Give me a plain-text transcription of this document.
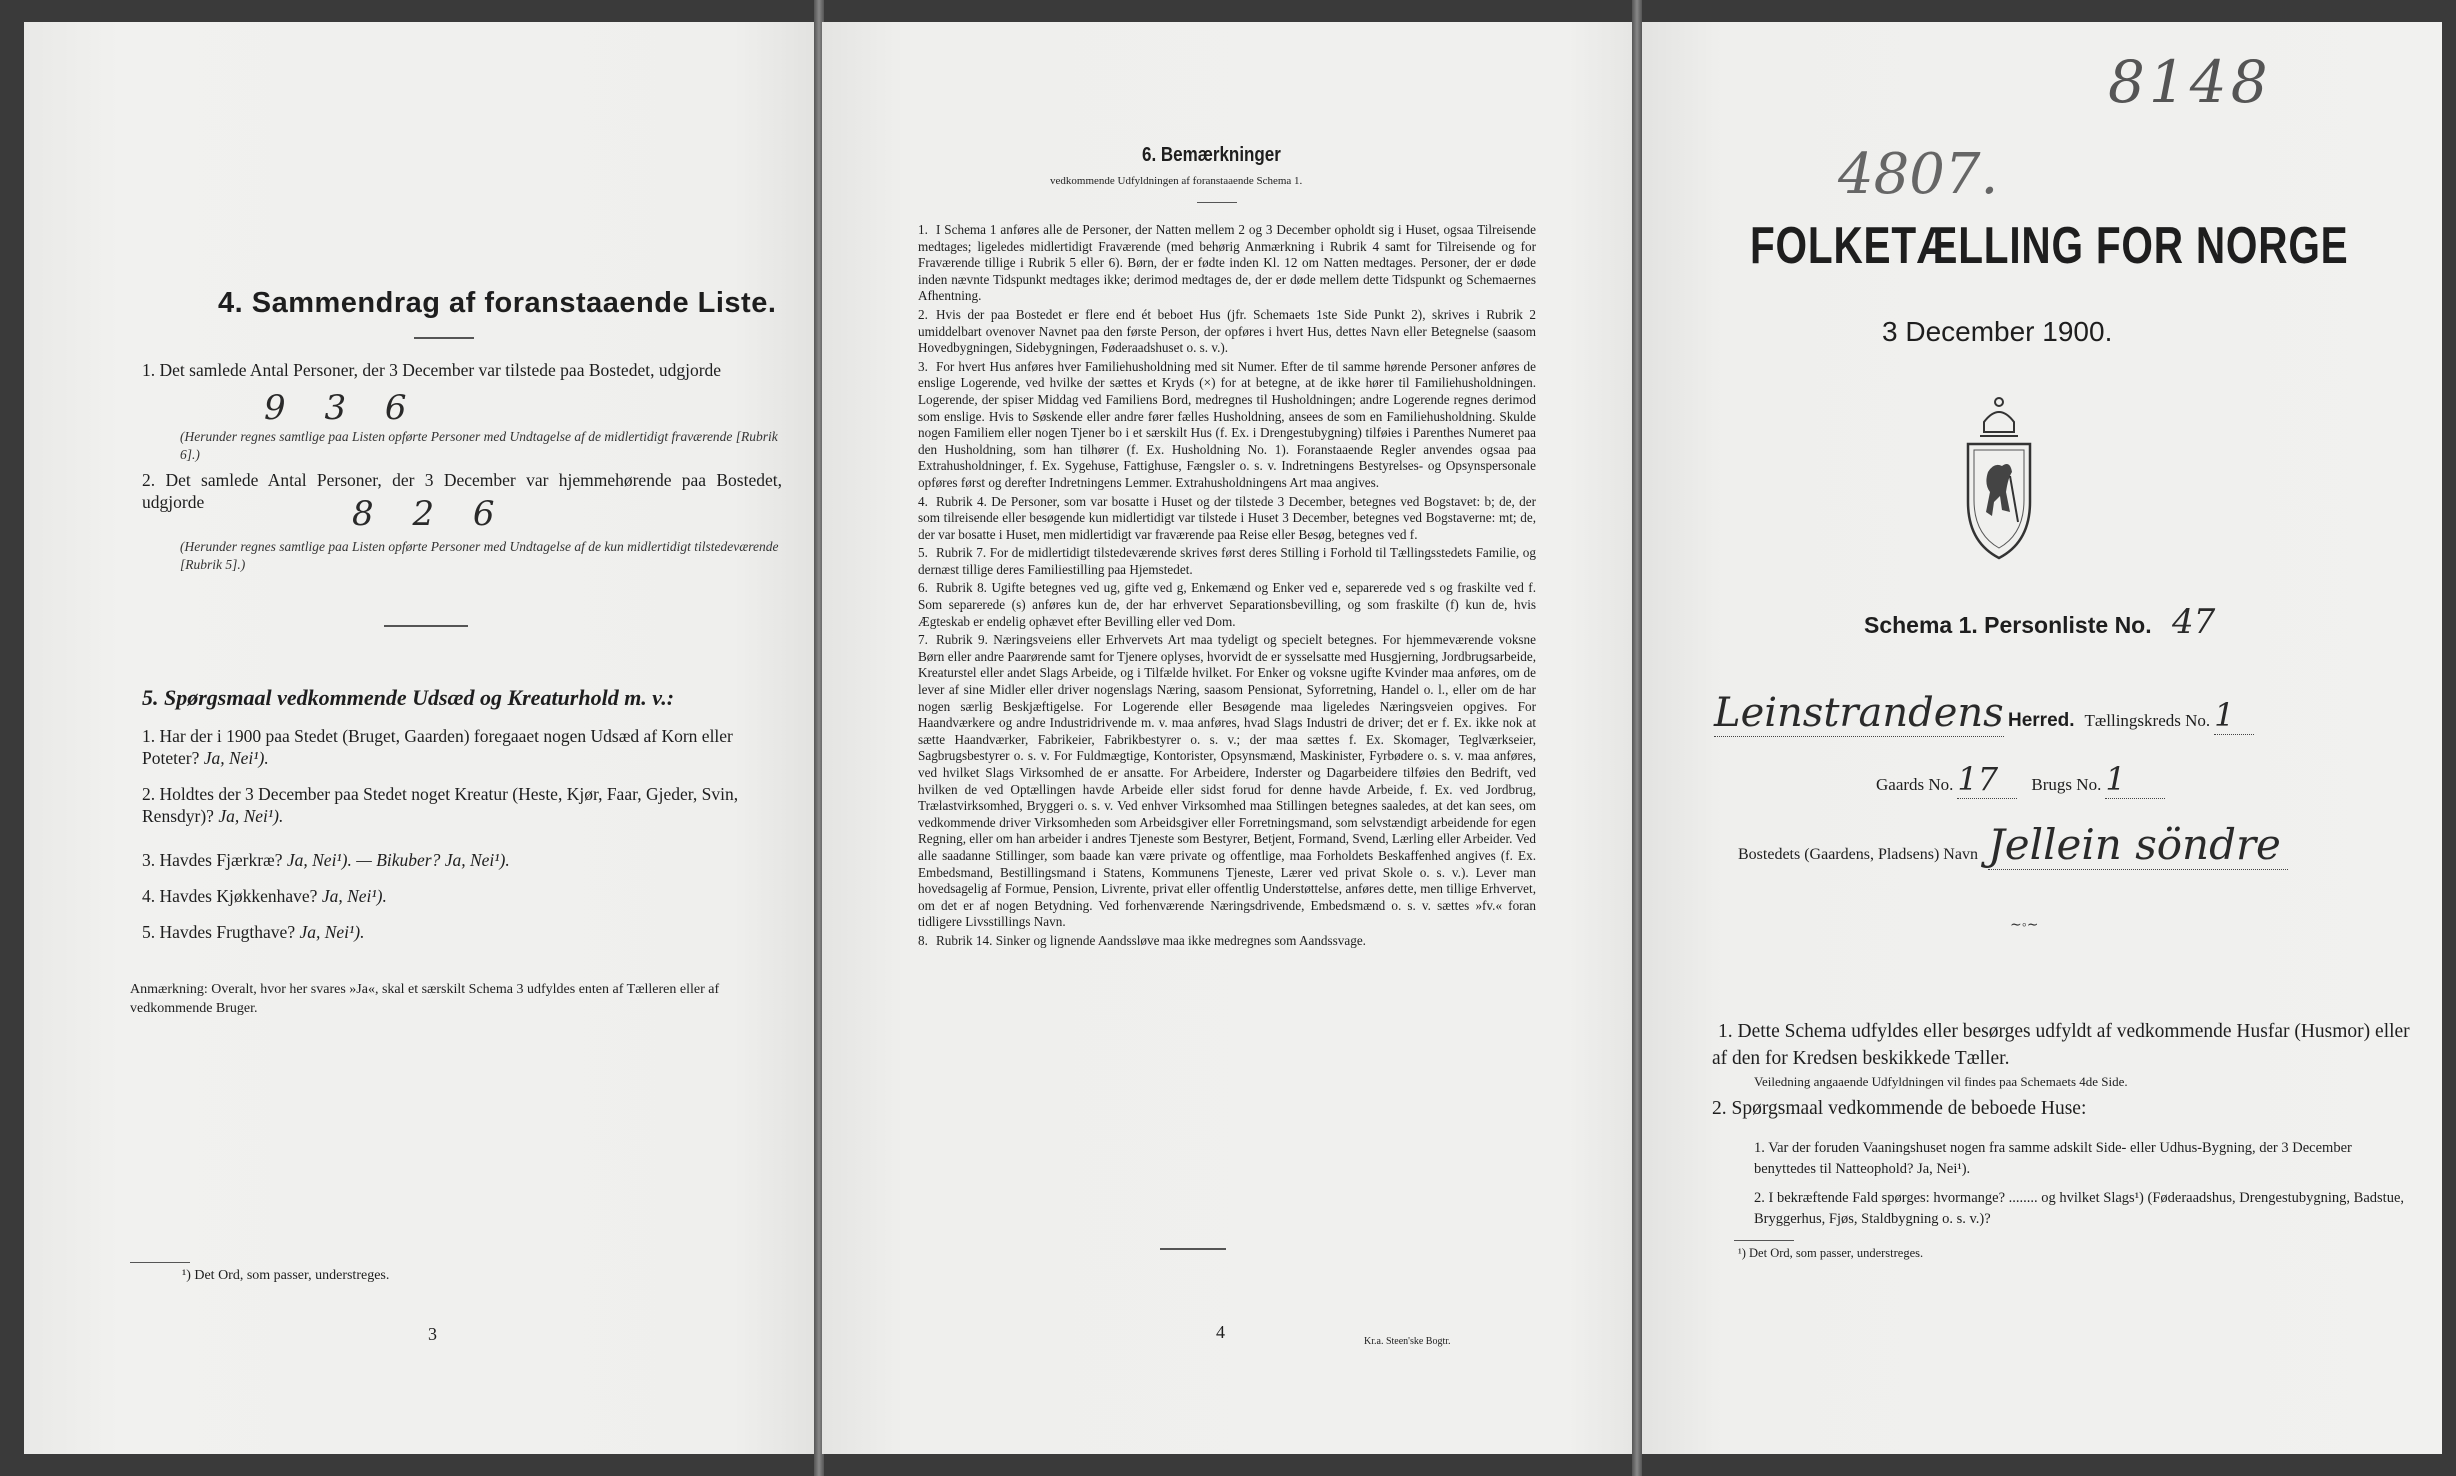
4. Sammendrag af foranstaaende Liste.
1. Det samlede Antal Personer, der 3 December var tilstede paa Bostedet, udgjorde
9 3 6
(Herunder regnes samtlige paa Listen opførte Personer med Undtagelse af de midlertidigt fraværende [Rubrik 6].)
2. Det samlede Antal Personer, der 3 December var hjemmehørende paa Bostedet, udgjorde	8 2 6
(Herunder regnes samtlige paa Listen opførte Personer med Undtagelse af de kun midlertidigt tilstedeværende [Rubrik 5].)
5. Spørgsmaal vedkommende Udsæd og Kreaturhold m. v.:
1. Har der i 1900 paa Stedet (Bruget, Gaarden) foregaaet nogen Udsæd af Korn eller Poteter? Ja, Nei¹).
2. Holdtes der 3 December paa Stedet noget Kreatur (Heste, Kjør, Faar, Gjeder, Svin, Rensdyr)? Ja, Nei¹).
3. Havdes Fjærkræ? Ja, Nei¹). — Bikuber? Ja, Nei¹).
4. Havdes Kjøkkenhave? Ja, Nei¹).
5. Havdes Frugthave? Ja, Nei¹).
Anmærkning: Overalt, hvor her svares »Ja«, skal et særskilt Schema 3 udfyldes enten af Tælleren eller af vedkommende Bruger.
¹) Det Ord, som passer, understreges.
3
6. Bemærkninger
vedkommende Udfyldningen af foranstaaende Schema 1.
1. I Schema 1 anføres alle de Personer, der Natten mellem 2 og 3 December opholdt sig i Huset, ogsaa Tilreisende medtages; ligeledes midlertidigt Fraværende (med behørig Anmærkning i Rubrik 4 samt for Tilreisende og for Fraværende tillige i Rubrik 5 eller 6). Børn, der er fødte inden Kl. 12 om Natten medtages. Personer, der er døde inden nævnte Tidspunkt medtages ikke; derimod medtages de, der er døde mellem dette Tidspunkt og Schemaernes Afhentning.
2. Hvis der paa Bostedet er flere end ét beboet Hus (jfr. Schemaets 1ste Side Punkt 2), skrives i Rubrik 2 umiddelbart ovenover Navnet paa den første Person, der opføres i hvert Hus, dettes Navn eller Betegnelse (saasom Hovedbygningen, Sidebygningen, Føderaadshuset o. s. v.).
3. For hvert Hus anføres hver Familiehusholdning med sit Numer. Efter de til samme hørende Personer anføres de enslige Logerende, ved hvilke der sættes et Kryds (×) for at betegne, at de ikke hører til Familiehusholdningen. Logerende, der spiser Middag ved Familiens Bord, medregnes til Husholdningen; andre Logerende regnes derimod som enslige. Hvis to Søskende eller andre fører fælles Husholdning, ansees de som en Familiehusholdning. Skulde nogen Familiem eller nogen Tjener bo i et særskilt Hus (f. Ex. i Drengestubygning) tilføies i Parenthes Numeret paa den Husholdning, som han tilhører (f. Ex. Husholdning No. 1). Foranstaaende Regler anvendes ogsaa paa Extrahusholdninger, f. Ex. Sygehuse, Fattighuse, Fængsler o. s. v. Indretningens Bestyrelses- og Opsynspersonale opføres først og derefter Indretningens Lemmer. Extrahusholdningens Art maa angives.
4. Rubrik 4. De Personer, som var bosatte i Huset og der tilstede 3 December, betegnes ved Bogstavet: b; de, der som tilreisende eller besøgende kun midlertidigt var tilstede i Huset 3 December, betegnes ved Bogstaverne: mt; de, der var bosatte i Huset, men midlertidigt var fraværende paa Reise eller Besøg, betegnes ved f.
5. Rubrik 7. For de midlertidigt tilstedeværende skrives først deres Stilling i Forhold til Tællingsstedets Familie, og dernæst tillige deres Familiestilling paa Hjemstedet.
6. Rubrik 8. Ugifte betegnes ved ug, gifte ved g, Enkemænd og Enker ved e, separerede ved s og fraskilte ved f. Som separerede (s) anføres kun de, der har erhvervet Separationsbevilling, og som fraskilte (f) kun de, hvis Ægteskab er endelig ophævet efter Bevilling eller ved Dom.
7. Rubrik 9. Næringsveiens eller Erhvervets Art maa tydeligt og specielt betegnes. For hjemmeværende voksne Børn eller andre Paarørende samt for Tjenere oplyses, hvorvidt de er sysselsatte med Husgjerning, Jordbrugsarbeide, Kreaturstel eller andet Slags Arbeide, og i Tilfælde hvilket. For Enker og voksne ugifte Kvinder maa anføres, om de lever af sine Midler eller driver nogenslags Næring, saasom Pensionat, Syforretning, Handel o. l., eller om de har nogen særlig Beskjæftigelse. For Logerende eller Besøgende maa ligeledes Næringsveien opgives. For Haandværkere og andre Industridrivende m. v. maa anføres, hvad Slags Industri de driver; det er f. Ex. ikke nok at sætte Haandværker, Fabrikeier, Fabrikbestyrer o. s. v.; der maa sættes f. Ex. Skomager, Teglværkseier, Sagbrugsbestyrer o. s. v. For Fuldmægtige, Kontorister, Opsynsmænd, Maskinister, Fyrbødere o. s. v. maa anføres, ved hvilket Slags Virksomhed de er ansatte. For Arbeidere, Inderster og Dagarbeidere tilføies den Bedrift, ved hvilken de ved Optællingen havde Arbeide eller sidst forud for denne havde Arbeide, f. Ex. ved Jordbrug, Trælastvirksomhed, Bryggeri o. s. v. Ved enhver Virksomhed maa Stillingen betegnes saaledes, at det kan sees, om vedkommende driver Virksomheden som Arbeidsgiver eller Forretningsmand, som selvstændigt arbeidende for egen Regning, eller om han arbeider i andres Tjeneste som Bestyrer, Betjent, Formand, Svend, Lærling eller Arbeider. Ved alle saadanne Stillinger, som baade kan være private og offentlige, maa Forholdets Beskaffenhed angives (f. Ex. Embedsmand, Bestillingsmand i Statens, Kommunens Tjeneste, Lærer ved privat Skole o. s. v.). Lever man hovedsagelig af Formue, Pension, Livrente, privat eller offentlig Understøttelse, anføres dette, men tillige Erhvervet, om det er af nogen Betydning. Ved forhenværende Næringsdrivende, Embedsmænd o. s. v. sættes »fv.« foran tidligere Livsstillings Navn.
8. Rubrik 14. Sinker og lignende Aandssløve maa ikke medregnes som Aandssvage.
4	Kr.a. Steen'ske Bogtr.
8148
4807.
FOLKETÆLLING FOR NORGE
3 December 1900.
Schema 1. Personliste No. 47
Leinstrandens Herred. Tællingskreds No. 1
Gaards No. 17 Brugs No. 1
Bostedets (Gaardens, Pladsens) Navn Jellein söndre
∼◦∼
1. Dette Schema udfyldes eller besørges udfyldt af vedkommende Husfar (Husmor) eller af den for Kredsen beskikkede Tæller.
Veiledning angaaende Udfyldningen vil findes paa Schemaets 4de Side.
2. Spørgsmaal vedkommende de beboede Huse:
1. Var der foruden Vaaningshuset nogen fra samme adskilt Side- eller Udhus-Bygning, der 3 December benyttedes til Natteophold? Ja, Nei¹).
2. I bekræftende Fald spørges: hvormange? ........ og hvilket Slags¹) (Føderaadshus, Drengestubygning, Badstue, Bryggerhus, Fjøs, Staldbygning o. s. v.)?
¹) Det Ord, som passer, understreges.
